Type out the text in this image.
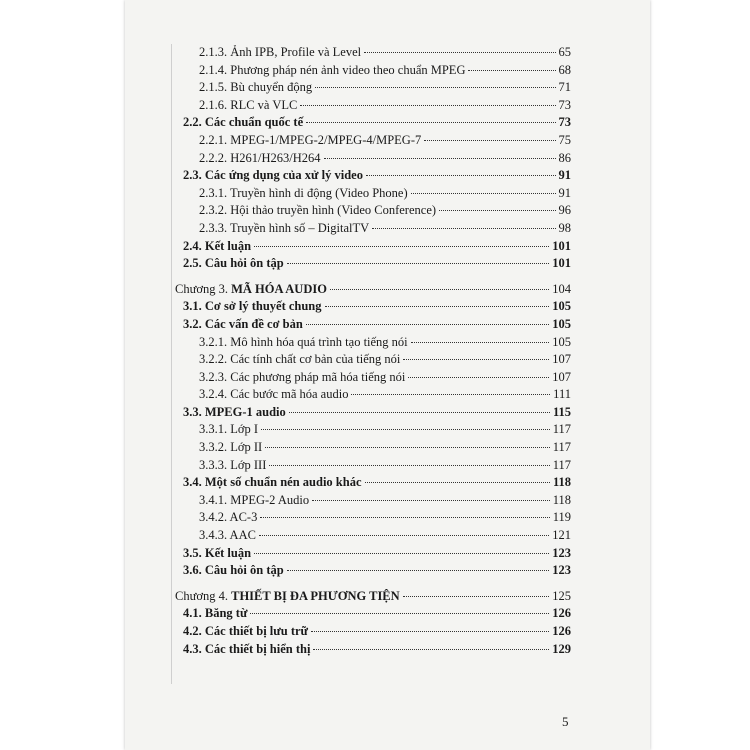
2.1.3. Ảnh IPB, Profile và Level	65
2.1.4. Phương pháp nén ảnh video theo chuẩn MPEG	68
2.1.5. Bù chuyển động	71
2.1.6. RLC và VLC	73
2.2. Các chuẩn quốc tế	73
2.2.1. MPEG-1/MPEG-2/MPEG-4/MPEG-7	75
2.2.2. H261/H263/H264	86
2.3. Các ứng dụng của xử lý video	91
2.3.1. Truyền hình di động (Video Phone)	91
2.3.2. Hội thảo truyền hình (Video Conference)	96
2.3.3. Truyền hình số – DigitalTV	98
2.4. Kết luận	101
2.5. Câu hỏi ôn tập	101
Chương 3. MÃ HÓA AUDIO	104
3.1. Cơ sở lý thuyết chung	105
3.2. Các vấn đề cơ bản	105
3.2.1. Mô hình hóa quá trình tạo tiếng nói	105
3.2.2. Các tính chất cơ bản của tiếng nói	107
3.2.3. Các phương pháp mã hóa tiếng nói	107
3.2.4. Các bước mã hóa audio	111
3.3. MPEG-1 audio	115
3.3.1. Lớp I	117
3.3.2. Lớp II	117
3.3.3. Lớp III	117
3.4. Một số chuẩn nén audio khác	118
3.4.1. MPEG-2 Audio	118
3.4.2. AC-3	119
3.4.3. AAC	121
3.5. Kết luận	123
3.6. Câu hỏi ôn tập	123
Chương 4. THIẾT BỊ ĐA PHƯƠNG TIỆN	125
4.1. Băng từ	126
4.2. Các thiết bị lưu trữ	126
4.3. Các thiết bị hiển thị	129
5
